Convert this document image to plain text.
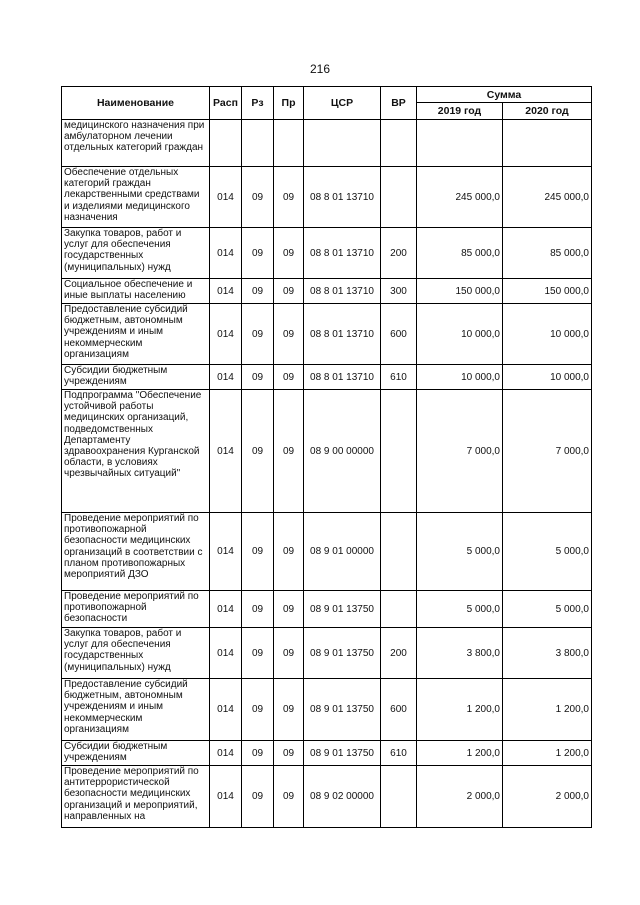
216
Наименование	Расп	Рз	Пр	ЦСР	ВР	Сумма	
						2019 год	2020 год
медицинского назначения при амбулаторном лечении отдельных категорий граждан							
Обеспечение отдельных категорий граждан лекарственными средствами и изделиями медицинского назначения	014	09	09	08 8 01 13710		245 000,0	245 000,0
Закупка товаров, работ и услуг для обеспечения государственных (муниципальных) нужд	014	09	09	08 8 01 13710	200	85 000,0	85 000,0
Социальное обеспечение и иные выплаты населению	014	09	09	08 8 01 13710	300	150 000,0	150 000,0
Предоставление субсидий бюджетным, автономным учреждениям и иным некоммерческим организациям	014	09	09	08 8 01 13710	600	10 000,0	10 000,0
Субсидии бюджетным учреждениям	014	09	09	08 8 01 13710	610	10 000,0	10 000,0
Подпрограмма "Обеспечение устойчивой работы медицинских организаций, подведомственных Департаменту здравоохранения Курганской области, в условиях чрезвычайных ситуаций"	014	09	09	08 9 00 00000		7 000,0	7 000,0
Проведение мероприятий по противопожарной безопасности медицинских организаций в соответствии с планом противопожарных мероприятий ДЗО	014	09	09	08 9 01 00000		5 000,0	5 000,0
Проведение мероприятий по противопожарной безопасности	014	09	09	08 9 01 13750		5 000,0	5 000,0
Закупка товаров, работ и услуг для обеспечения государственных (муниципальных) нужд	014	09	09	08 9 01 13750	200	3 800,0	3 800,0
Предоставление субсидий бюджетным, автономным учреждениям и иным некоммерческим организациям	014	09	09	08 9 01 13750	600	1 200,0	1 200,0
Субсидии бюджетным учреждениям	014	09	09	08 9 01 13750	610	1 200,0	1 200,0
Проведение мероприятий по антитеррористической безопасности медицинских организаций и мероприятий, направленных на	014	09	09	08 9 02 00000		2 000,0	2 000,0
